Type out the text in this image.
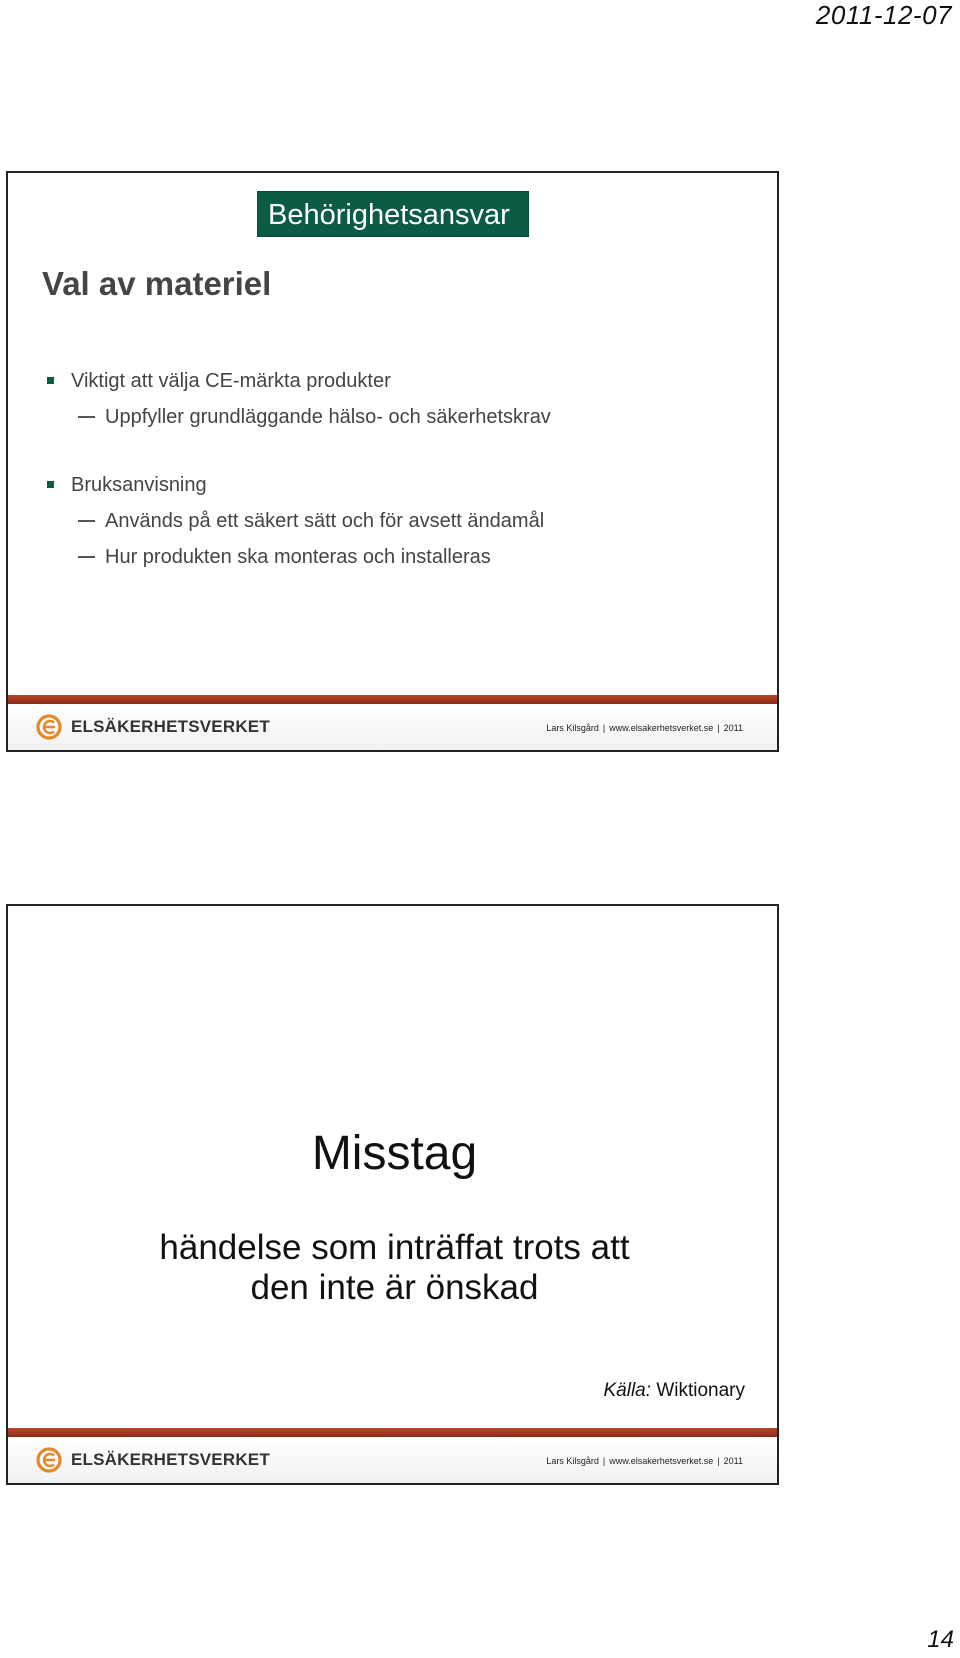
2011-12-07
Behörighetsansvar
Val av materiel
Viktigt att välja CE-märkta produkter
Uppfyller grundläggande hälso- och säkerhetskrav
Bruksanvisning
Används på ett säkert sätt och för avsett ändamål
Hur produkten ska monteras och installeras
ELSÄKERHETSVERKET	Lars Kilsgård | www.elsakerhetsverket.se | 2011
Misstag
händelse som inträffat trots att
den inte är önskad
Källa: Wiktionary
ELSÄKERHETSVERKET	Lars Kilsgård | www.elsakerhetsverket.se | 2011
14
